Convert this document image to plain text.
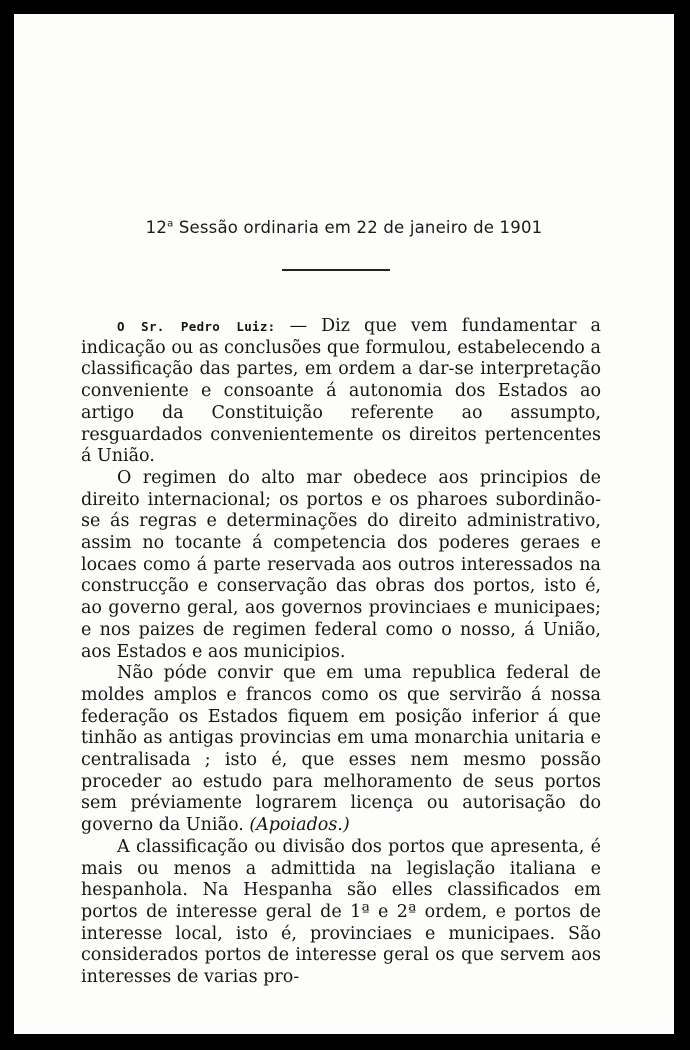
12$^a$ Sessão ordinaria em 22 de janeiro de 1901

O Sr. Pedro Luiz: — Diz que vem fundamentar a indicação ou as conclusões que formulou, estabelecendo a classificação das partes, em ordem a dar-se interpretação conveniente e consoante á autonomia dos Estados ao artigo da Constituição referente ao assumpto, resguardados convenientemente os direitos pertencentes á União.

O regimen do alto mar obedece aos principios de direito internacional; os portos e os pharoes subordinão-se ás regras e determinações do direito administrativo, assim no tocante á competencia dos poderes geraes e locaes como á parte reservada aos outros interessados na construcção e conservação das obras dos portos, isto é, ao governo geral, aos governos provinciaes e municipaes; e nos paizes de regimen federal como o nosso, á União, aos Estados e aos municipios.

Não póde convir que em uma republica federal de moldes amplos e francos como os que servirão á nossa federação os Estados fiquem em posição inferior á que tinhão as antigas provincias em uma monarchia unitaria e centralisada ; isto é, que esses nem mesmo possão proceder ao estudo para melhoramento de seus portos sem préviamente lograrem licença ou autorisação do governo da União. (Apoiados.)

A classificação ou divisão dos portos que apresenta, é mais ou menos a admittida na legislação italiana e hespanhola. Na Hespanha são elles classificados em portos de interesse geral de 1ª e 2ª ordem, e portos de interesse local, isto é, provinciaes e municipaes. São considerados portos de interesse geral os que servem aos interesses de varias pro-
